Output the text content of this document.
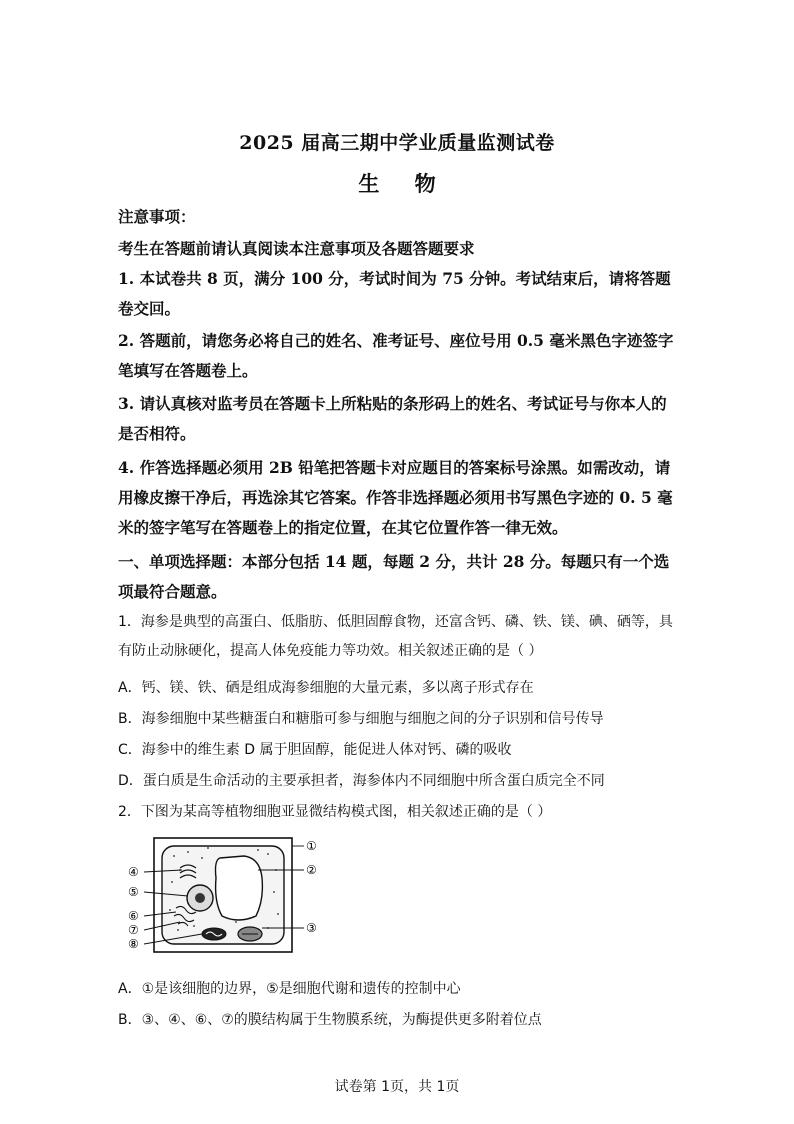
2025 届高三期中学业质量监测试卷
生 物
注意事项：
考生在答题前请认真阅读本注意事项及各题答题要求
1. 本试卷共 8 页，满分 100 分，考试时间为 75 分钟。考试结束后，请将答题卷交回。
2. 答题前，请您务必将自己的姓名、准考证号、座位号用 0.5 毫米黑色字迹签字笔填写在答题卷上。
3. 请认真核对监考员在答题卡上所粘贴的条形码上的姓名、考试证号与你本人的是否相符。
4. 作答选择题必须用 2B 铅笔把答题卡对应题目的答案标号涂黑。如需改动，请用橡皮擦干净后，再选涂其它答案。作答非选择题必须用书写黑色字迹的 0. 5 毫米的签字笔写在答题卷上的指定位置，在其它位置作答一律无效。
一、单项选择题：本部分包括 14 题，每题 2 分，共计 28 分。每题只有一个选项最符合题意。
1．海参是典型的高蛋白、低脂肪、低胆固醇食物，还富含钙、磷、铁、镁、碘、硒等，具有防止动脉硬化，提高人体免疫能力等功效。相关叙述正确的是（ ）
A．钙、镁、铁、硒是组成海参细胞的大量元素，多以离子形式存在
B．海参细胞中某些糖蛋白和糖脂可参与细胞与细胞之间的分子识别和信号传导
C．海参中的维生素 D 属于胆固醇，能促进人体对钙、磷的吸收
D．蛋白质是生命活动的主要承担者，海参体内不同细胞中所含蛋白质完全不同
2．下图为某高等植物细胞亚显微结构模式图，相关叙述正确的是（ ）
①
②
③
④
⑤
⑥
⑦
⑧
A．①是该细胞的边界，⑤是细胞代谢和遗传的控制中心
B．③、④、⑥、⑦的膜结构属于生物膜系统，为酶提供更多附着位点
试卷第 1页，共 1页
